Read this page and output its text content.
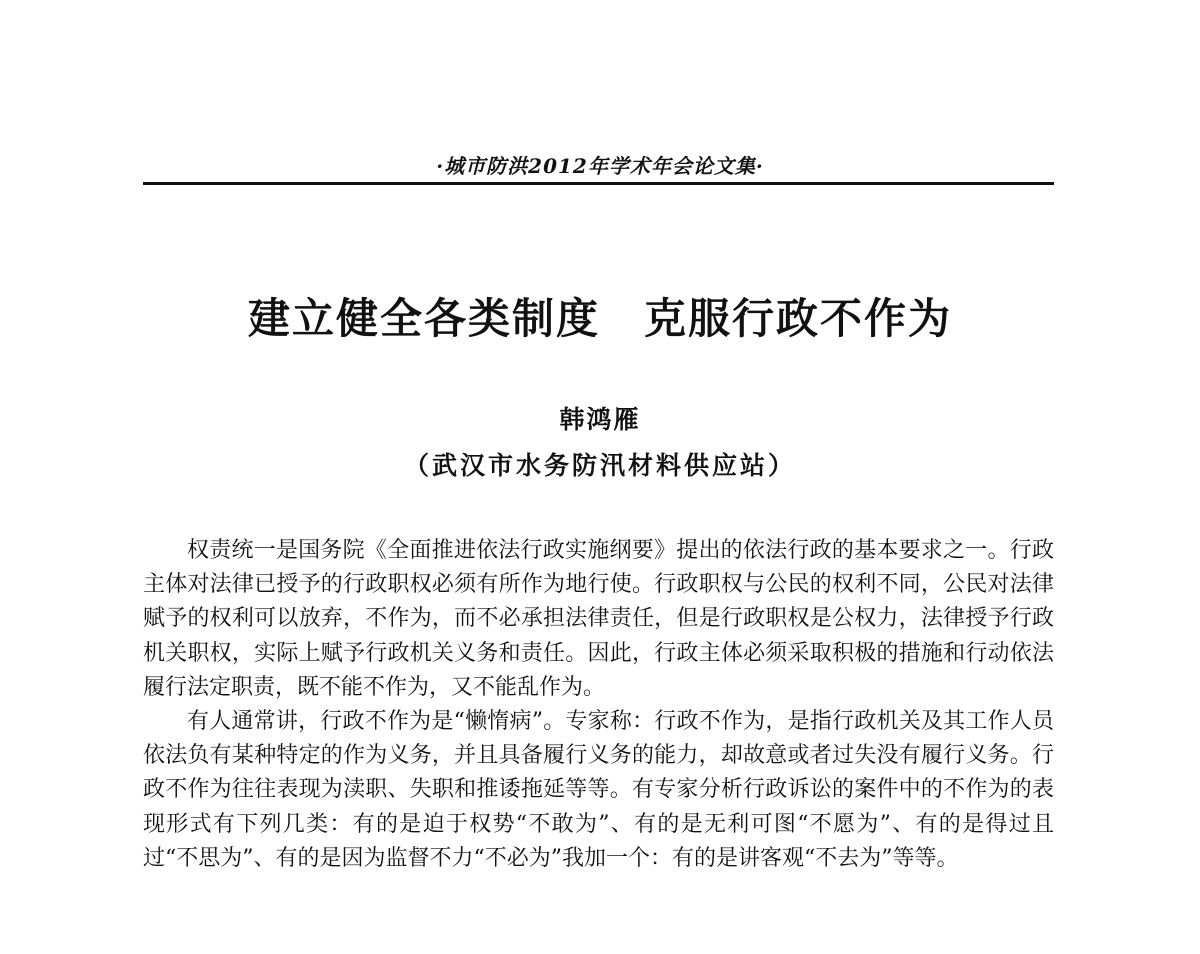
·城市防洪2012年学术年会论文集·
建立健全各类制度　克服行政不作为
韩鸿雁
（武汉市水务防汛材料供应站）

权责统一是国务院《全面推进依法行政实施纲要》提出的依法行政的基本要求之一。行政主体对法律已授予的行政职权必须有所作为地行使。行政职权与公民的权利不同，公民对法律赋予的权利可以放弃，不作为，而不必承担法律责任，但是行政职权是公权力，法律授予行政机关职权，实际上赋予行政机关义务和责任。因此，行政主体必须采取积极的措施和行动依法履行法定职责，既不能不作为，又不能乱作为。

有人通常讲，行政不作为是“懒惰病”。专家称：行政不作为，是指行政机关及其工作人员依法负有某种特定的作为义务，并且具备履行义务的能力，却故意或者过失没有履行义务。行政不作为往往表现为渎职、失职和推诿拖延等等。有专家分析行政诉讼的案件中的不作为的表现形式有下列几类：有的是迫于权势“不敢为”、有的是无利可图“不愿为”、有的是得过且过“不思为”、有的是因为监督不力“不必为”我加一个：有的是讲客观“不去为”等等。
